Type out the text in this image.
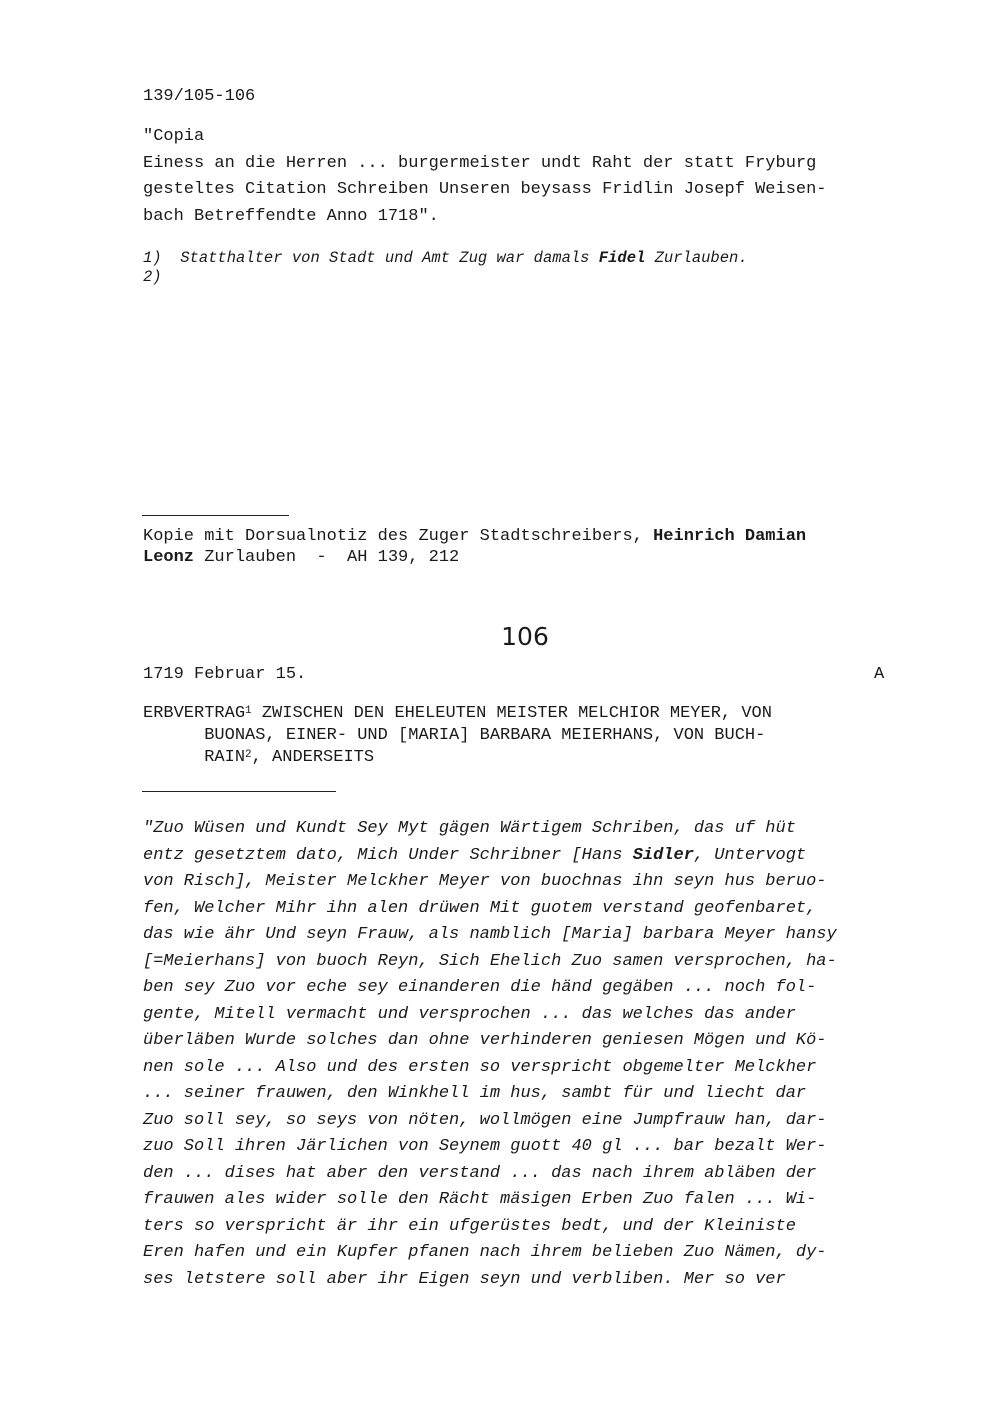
139/105-106
"Copia
Einess an die Herren ... burgermeister undt Raht der statt Fryburg
gesteltes Citation Schreiben Unseren beysass Fridlin Josepf Weisen-
bach Betreffendte Anno 1718".
1) Statthalter von Stadt und Amt Zug war damals Fidel Zurlauben.
2)
Kopie mit Dorsualnotiz des Zuger Stadtschreibers, Heinrich Damian
Leonz Zurlauben  -  AH 139, 212
106
1719 Februar 15.	A
ERBVERTRAG$^1$ ZWISCHEN DEN EHELEUTEN MEISTER MELCHIOR MEYER, VON
BUONAS, EINER- UND [MARIA] BARBARA MEIERHANS, VON BUCH-
RAIN$^2$, ANDERSEITS
"Zuo Wüsen und Kundt Sey Myt gägen Wärtigem Schriben, das uf hüt
entz gesetztem dato, Mich Under Schribner [Hans Sidler, Untervogt
von Risch], Meister Melckher Meyer von buochnas ihn seyn hus beruo-
fen, Welcher Mihr ihn alen drüwen Mit guotem verstand geofenbaret,
das wie ähr Und seyn Frauw, als namblich [Maria] barbara Meyer hansy
[=Meierhans] von buoch Reyn, Sich Ehelich Zuo samen versprochen, ha-
ben sey Zuo vor eche sey einanderen die händ gegäben ... noch fol-
gente, Mitell vermacht und versprochen ... das welches das ander
überläben Wurde solches dan ohne verhinderen geniesen Mögen und Kö-
nen sole ... Also und des ersten so verspricht obgemelter Melckher
... seiner frauwen, den Winkhell im hus, sambt für und liecht dar
Zuo soll sey, so seys von nöten, wollmögen eine Jumpfrauw han, dar-
zuo Soll ihren Järlichen von Seynem guott 40 gl ... bar bezalt Wer-
den ... dises hat aber den verstand ... das nach ihrem abläben der
frauwen ales wider solle den Rächt mäsigen Erben Zuo falen ... Wi-
ters so verspricht är ihr ein ufgerüstes bedt, und der Kleiniste
Eren hafen und ein Kupfer pfanen nach ihrem belieben Zuo Nämen, dy-
ses letstere soll aber ihr Eigen seyn und verbliben. Mer so ver
